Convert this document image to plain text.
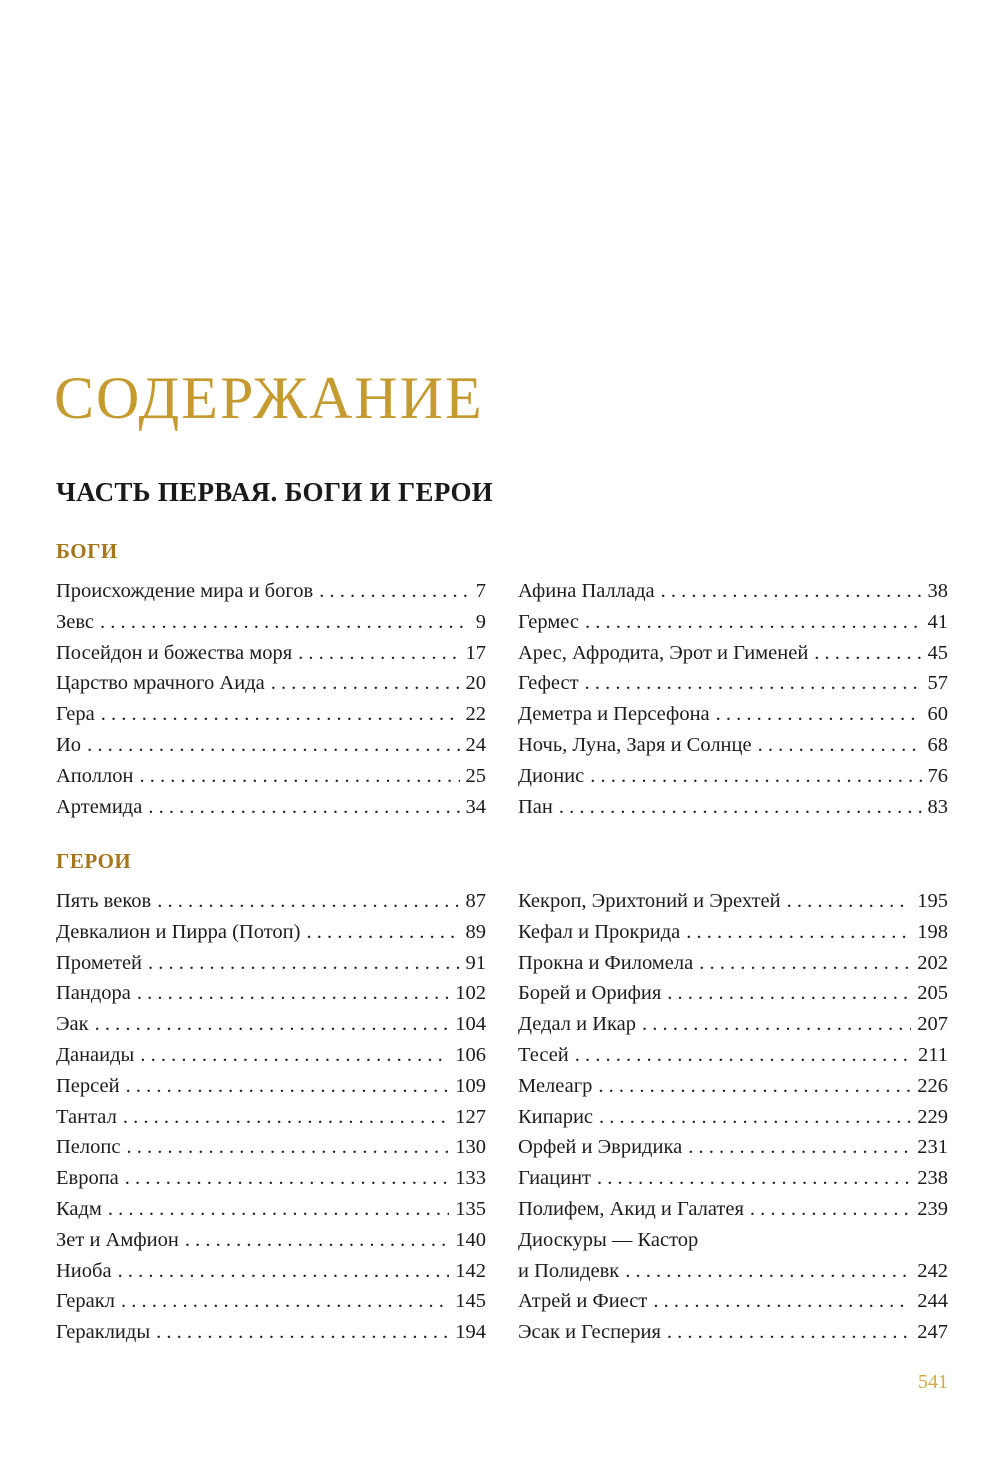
СОДЕРЖАНИЕ
ЧАСТЬ ПЕРВАЯ. БОГИ И ГЕРОИ
БОГИ
Происхождение мира и богов . . .	7
Зевс . . .	9
Посейдон и божества моря . . .	17
Царство мрачного Аида . . .	20
Гера . . .	22
Ио . . .	24
Аполлон . . .	25
Артемида . . .	34
Афина Паллада . . .	38
Гермес . . .	41
Арес, Афродита, Эрот и Гименей . . .	45
Гефест . . .	57
Деметра и Персефона . . .	60
Ночь, Луна, Заря и Солнце . . .	68
Дионис . . .	76
Пан . . .	83
ГЕРОИ
Пять веков . . .	87
Девкалион и Пирра (Потоп) . . .	89
Прометей . . .	91
Пандора . . .	102
Эак . . .	104
Данаиды . . .	106
Персей . . .	109
Тантал . . .	127
Пелопс . . .	130
Европа . . .	133
Кадм . . .	135
Зет и Амфион . . .	140
Ниоба . . .	142
Геракл . . .	145
Гераклиды . . .	194
Кекроп, Эрихтоний и Эрехтей . . .	195
Кефал и Прокрида . . .	198
Прокна и Филомела . . .	202
Борей и Орифия . . .	205
Дедал и Икар . . .	207
Тесей . . .	211
Мелеагр . . .	226
Кипарис . . .	229
Орфей и Эвридика . . .	231
Гиацинт . . .	238
Полифем, Акид и Галатея . . .	239
Диоскуры — Кастор
и Полидевк . . .	242
Атрей и Фиест . . .	244
Эсак и Гесперия . . .	247
541
